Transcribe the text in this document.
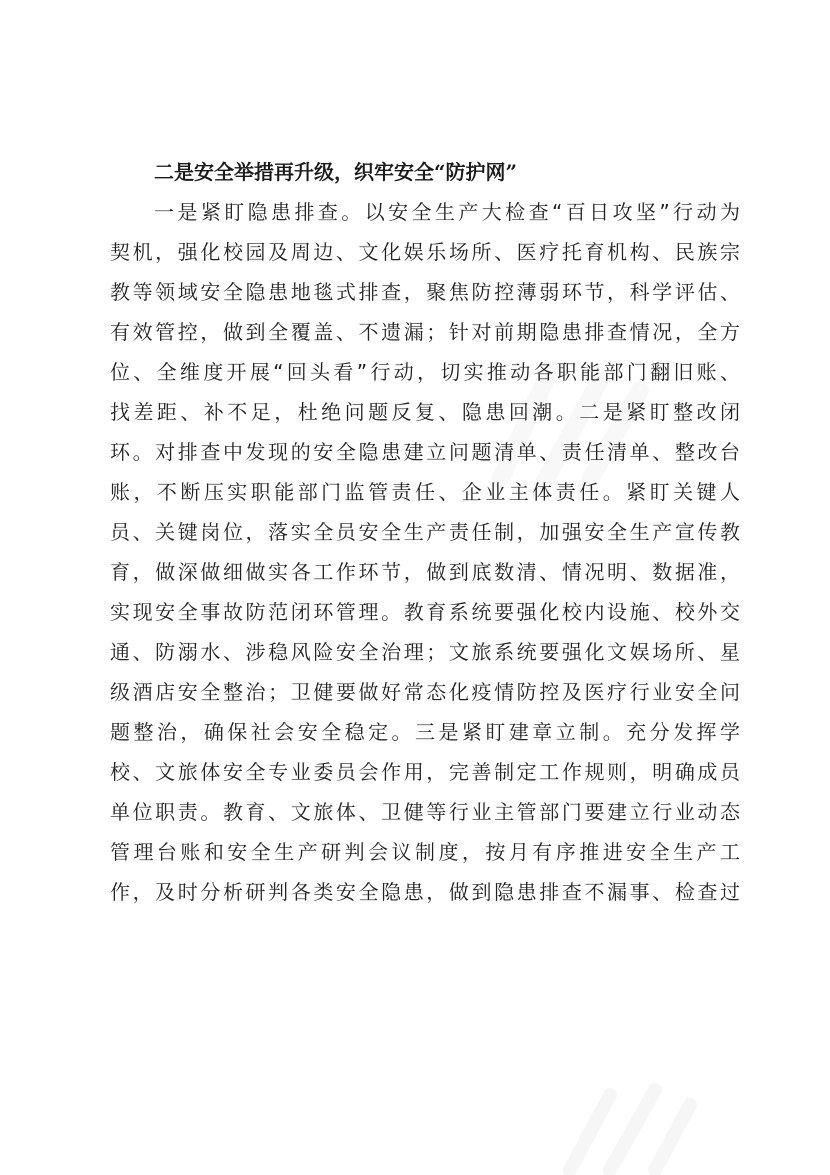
二是安全举措再升级，织牢安全“防护网”

一是紧盯隐患排查。以安全生产大检查“百日攻坚”行动为

契机，强化校园及周边、文化娱乐场所、医疗托育机构、民族宗

教等领域安全隐患地毯式排查，聚焦防控薄弱环节，科学评估、

有效管控，做到全覆盖、不遗漏；针对前期隐患排查情况，全方

位、全维度开展“回头看”行动，切实推动各职能部门翻旧账、

找差距、补不足，杜绝问题反复、隐患回潮。二是紧盯整改闭

环。对排查中发现的安全隐患建立问题清单、责任清单、整改台

账，不断压实职能部门监管责任、企业主体责任。紧盯关键人

员、关键岗位，落实全员安全生产责任制，加强安全生产宣传教

育，做深做细做实各工作环节，做到底数清、情况明、数据准，

实现安全事故防范闭环管理。教育系统要强化校内设施、校外交

通、防溺水、涉稳风险安全治理；文旅系统要强化文娱场所、星

级酒店安全整治；卫健要做好常态化疫情防控及医疗行业安全问

题整治，确保社会安全稳定。三是紧盯建章立制。充分发挥学

校、文旅体安全专业委员会作用，完善制定工作规则，明确成员

单位职责。教育、文旅体、卫健等行业主管部门要建立行业动态

管理台账和安全生产研判会议制度，按月有序推进安全生产工

作，及时分析研判各类安全隐患，做到隐患排查不漏事、检查过
